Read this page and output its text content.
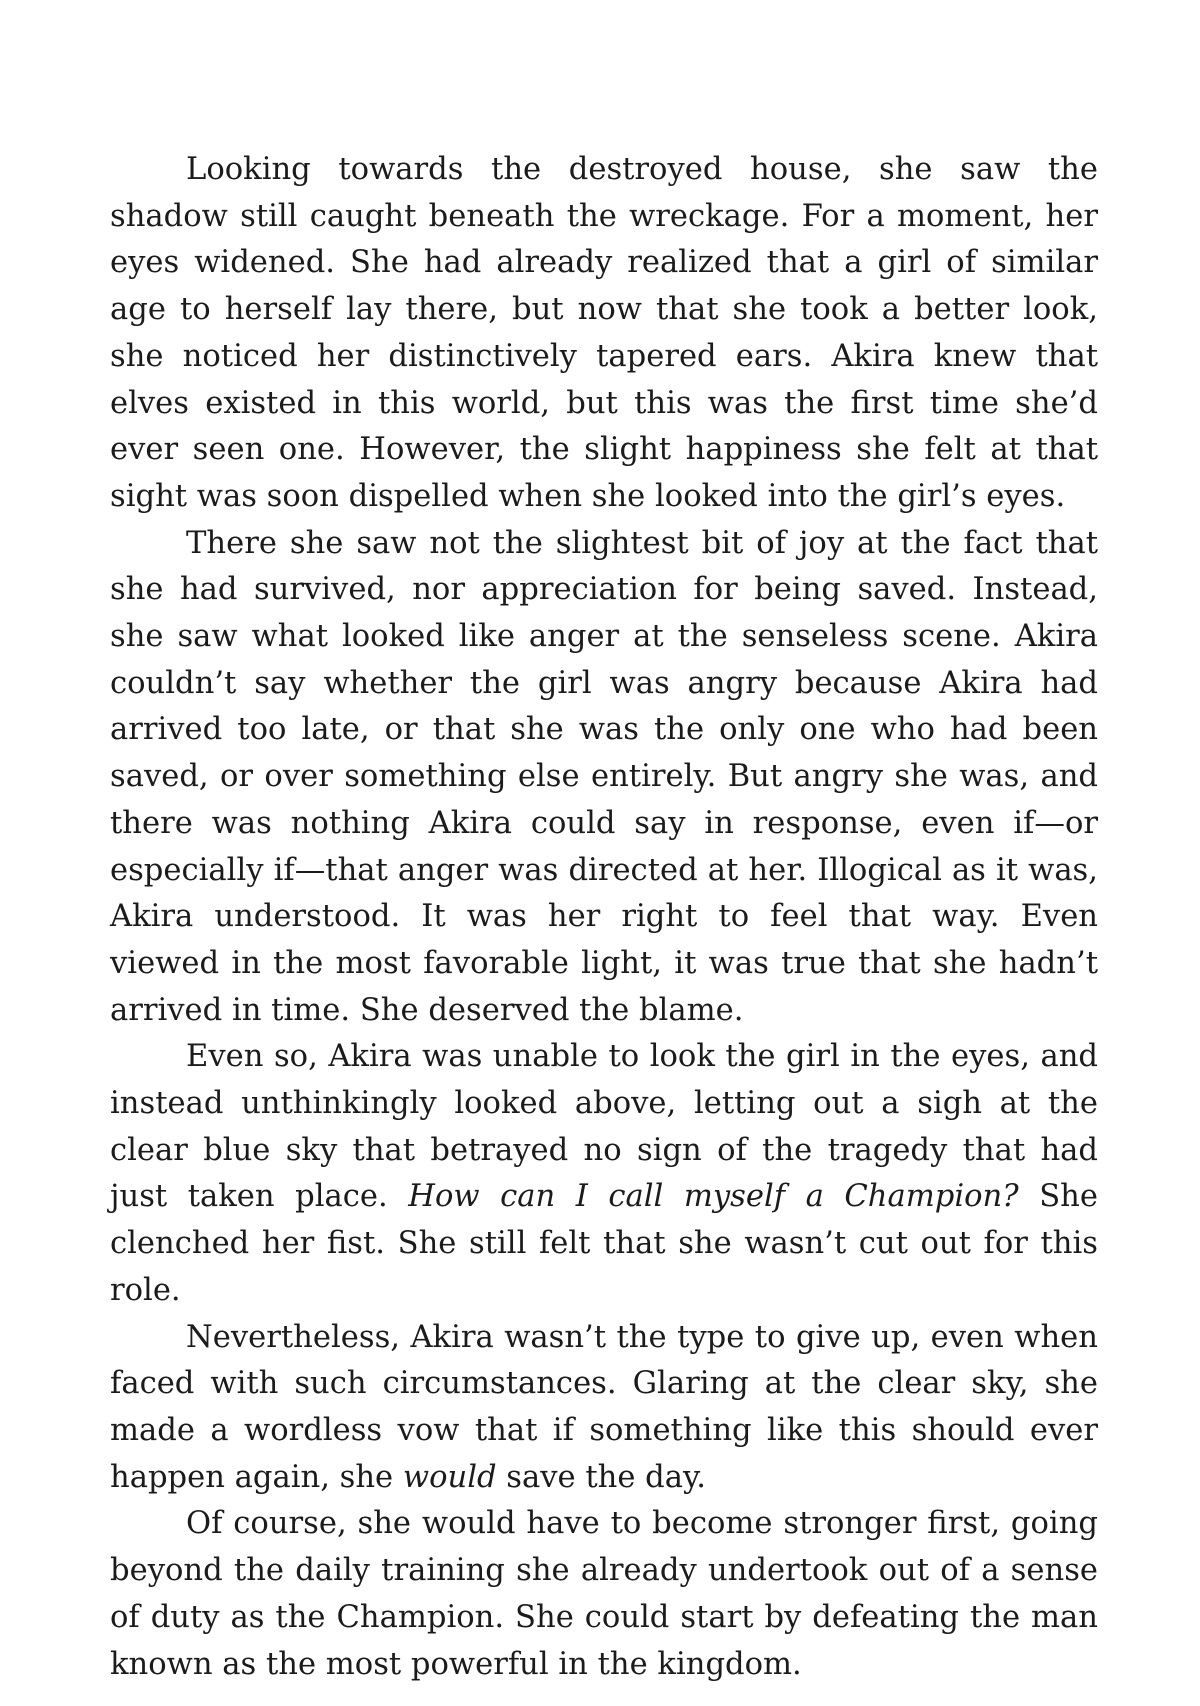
Looking towards the destroyed house, she saw the shadow still caught beneath the wreckage. For a moment, her eyes widened. She had already realized that a girl of similar age to herself lay there, but now that she took a better look, she noticed her distinctively tapered ears. Akira knew that elves existed in this world, but this was the first time she’d ever seen one. However, the slight happiness she felt at that sight was soon dispelled when she looked into the girl’s eyes.

There she saw not the slightest bit of joy at the fact that she had survived, nor appreciation for being saved. Instead, she saw what looked like anger at the senseless scene. Akira couldn’t say whether the girl was angry because Akira had arrived too late, or that she was the only one who had been saved, or over something else entirely. But angry she was, and there was nothing Akira could say in response, even if—or especially if—that anger was directed at her. Illogical as it was, Akira understood. It was her right to feel that way. Even viewed in the most favorable light, it was true that she hadn’t arrived in time. She deserved the blame.

Even so, Akira was unable to look the girl in the eyes, and instead unthinkingly looked above, letting out a sigh at the clear blue sky that betrayed no sign of the tragedy that had just taken place. How can I call myself a Champion? She clenched her fist. She still felt that she wasn’t cut out for this role.

Nevertheless, Akira wasn’t the type to give up, even when faced with such circumstances. Glaring at the clear sky, she made a wordless vow that if something like this should ever happen again, she would save the day.

Of course, she would have to become stronger first, going beyond the daily training she already undertook out of a sense of duty as the Champion. She could start by defeating the man known as the most powerful in the kingdom.
